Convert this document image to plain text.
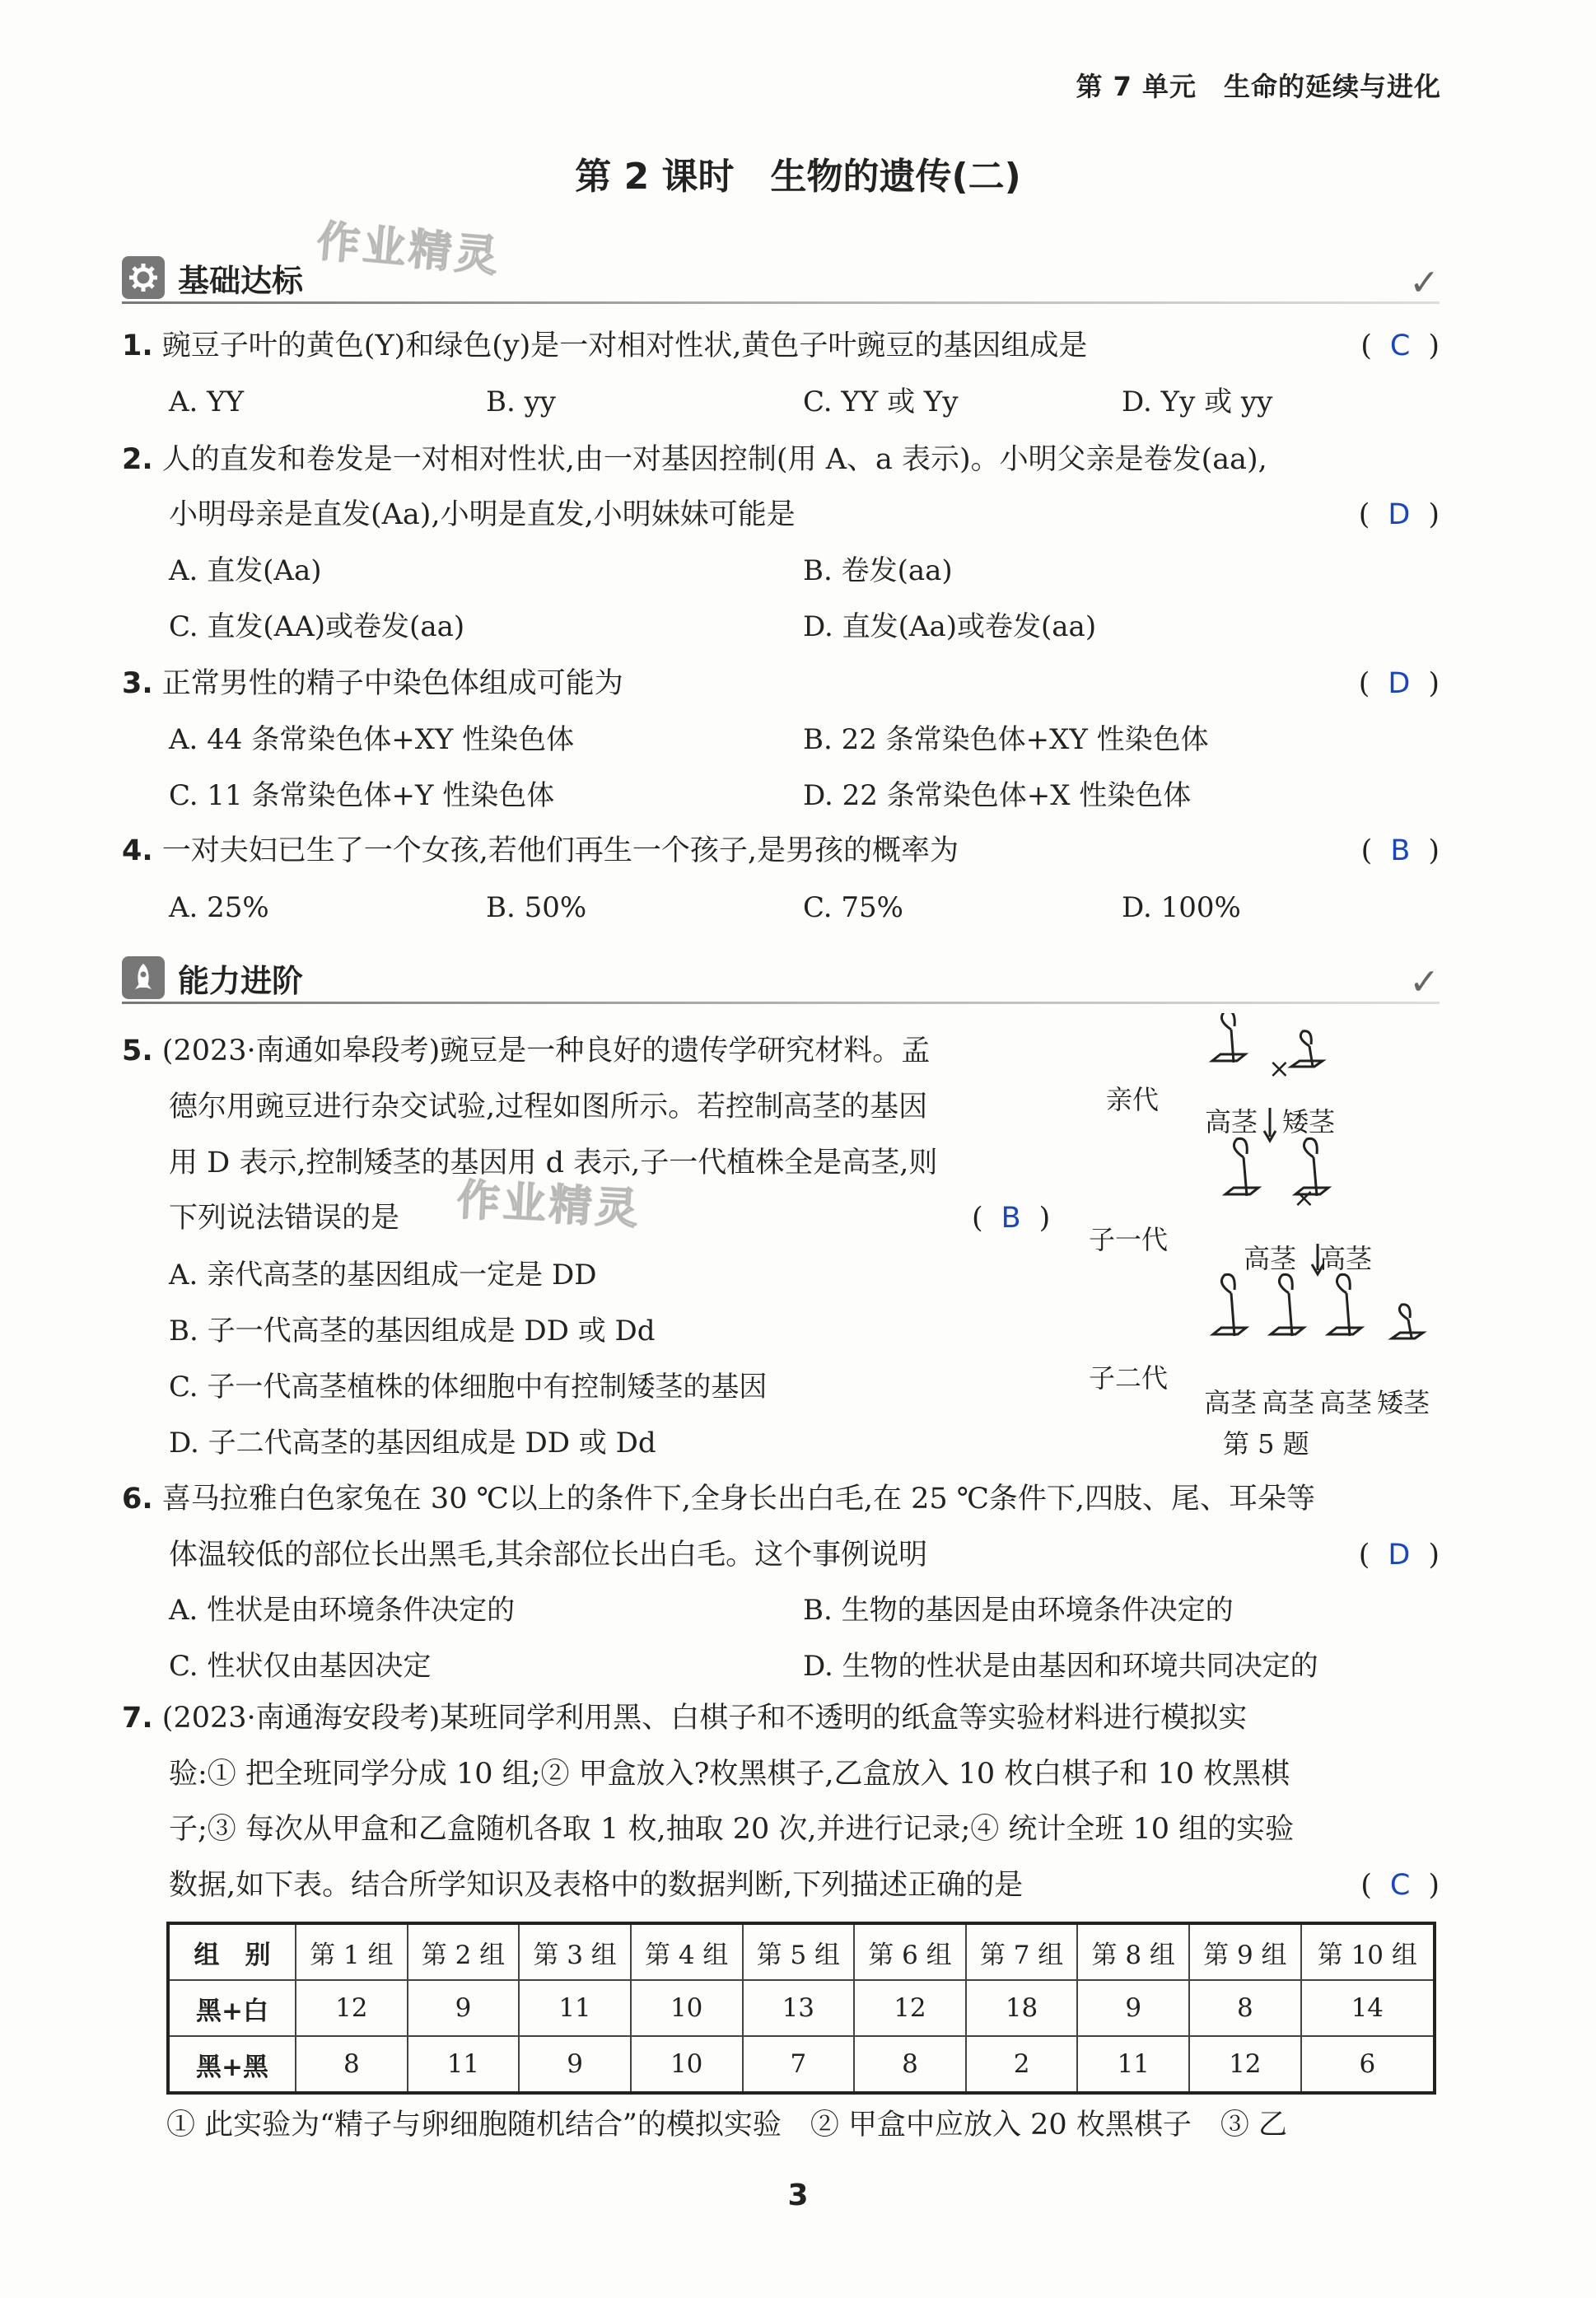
第 7 单元　生命的延续与进化
第 2 课时　生物的遗传(二)
作业精灵
基础达标	✓
1. 豌豆子叶的黄色(Y)和绿色(y)是一对相对性状,黄色子叶豌豆的基因组成是	( C )
A. YY	B. yy	C. YY 或 Yy	D. Yy 或 yy
2. 人的直发和卷发是一对相对性状,由一对基因控制(用 A、a 表示)。小明父亲是卷发(aa),
小明母亲是直发(Aa),小明是直发,小明妹妹可能是	( D )
A. 直发(Aa)	B. 卷发(aa)
C. 直发(AA)或卷发(aa)	D. 直发(Aa)或卷发(aa)
3. 正常男性的精子中染色体组成可能为	( D )
A. 44 条常染色体+XY 性染色体	B. 22 条常染色体+XY 性染色体
C. 11 条常染色体+Y 性染色体	D. 22 条常染色体+X 性染色体
4. 一对夫妇已生了一个女孩,若他们再生一个孩子,是男孩的概率为	( B )
A. 25%	B. 50%	C. 75%	D. 100%
能力进阶	✓
5. (2023·南通如皋段考)豌豆是一种良好的遗传学研究材料。孟
德尔用豌豆进行杂交试验,过程如图所示。若控制高茎的基因
用 D 表示,控制矮茎的基因用 d 表示,子一代植株全是高茎,则
下列说法错误的是 作业精灵	( B )
A. 亲代高茎的基因组成一定是 DD
B. 子一代高茎的基因组成是 DD 或 Dd
C. 子一代高茎植株的体细胞中有控制矮茎的基因
D. 子二代高茎的基因组成是 DD 或 Dd
亲代
×
高茎 矮茎
子一代
×
高茎 高茎
子二代
高茎 高茎 高茎 矮茎
第 5 题
6. 喜马拉雅白色家兔在 30 ℃以上的条件下,全身长出白毛,在 25 ℃条件下,四肢、尾、耳朵等
体温较低的部位长出黑毛,其余部位长出白毛。这个事例说明	( D )
A. 性状是由环境条件决定的	B. 生物的基因是由环境条件决定的
C. 性状仅由基因决定	D. 生物的性状是由基因和环境共同决定的
7. (2023·南通海安段考)某班同学利用黑、白棋子和不透明的纸盒等实验材料进行模拟实
验:① 把全班同学分成 10 组;② 甲盒放入?枚黑棋子,乙盒放入 10 枚白棋子和 10 枚黑棋
子;③ 每次从甲盒和乙盒随机各取 1 枚,抽取 20 次,并进行记录;④ 统计全班 10 组的实验
数据,如下表。结合所学知识及表格中的数据判断,下列描述正确的是	( C )
组　别	第 1 组	第 2 组	第 3 组	第 4 组	第 5 组	第 6 组	第 7 组	第 8 组	第 9 组	第 10 组
黑+白	12	9	11	10	13	12	18	9	8	14
黑+黑	8	11	9	10	7	8	2	11	12	6
① 此实验为“精子与卵细胞随机结合”的模拟实验　② 甲盒中应放入 20 枚黑棋子　③ 乙
3
